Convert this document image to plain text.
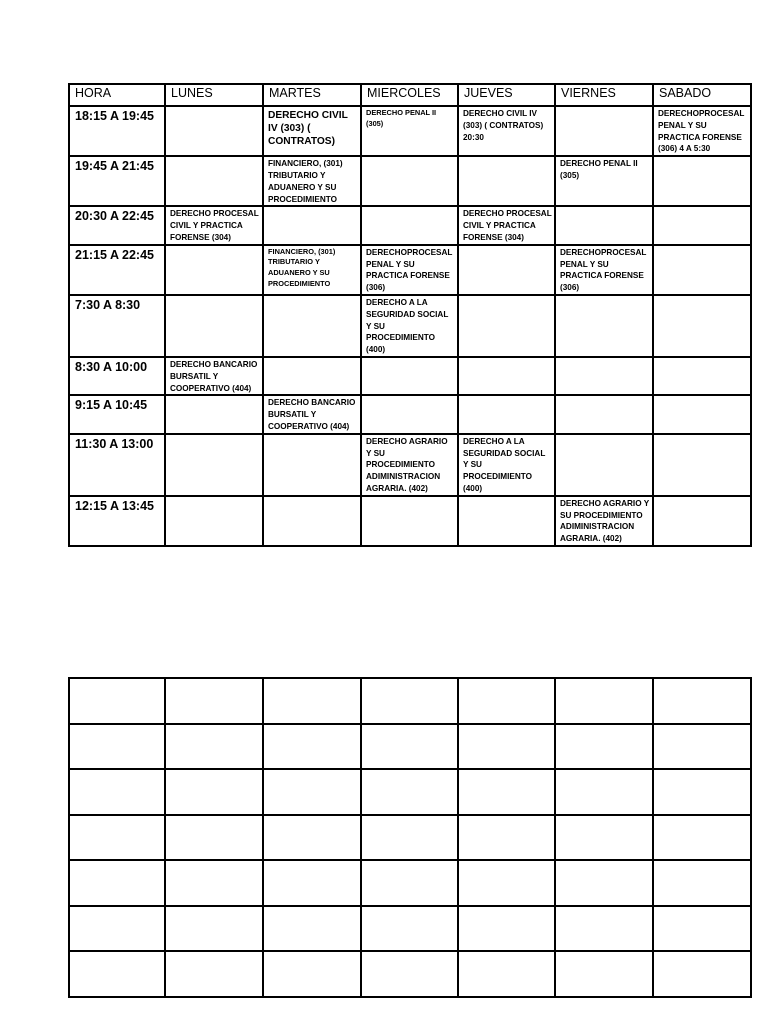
HORA	LUNES	MARTES	MIERCOLES	JUEVES	VIERNES	SABADO
18:15 A 19:45		DERECHO CIVIL IV (303) ( CONTRATOS)	DERECHO PENAL II (305)	DERECHO CIVIL IV (303) ( CONTRATOS) 20:30		DERECHOPROCESAL PENAL Y SU PRACTICA FORENSE (306) 4 A 5:30
19:45 A 21:45		FINANCIERO, (301) TRIBUTARIO Y ADUANERO Y SU PROCEDIMIENTO			DERECHO PENAL II (305)	
20:30 A 22:45	DERECHO PROCESAL CIVIL Y PRACTICA FORENSE (304)			DERECHO PROCESAL CIVIL Y PRACTICA FORENSE (304)		
21:15 A 22:45		FINANCIERO, (301) TRIBUTARIO Y ADUANERO Y SU PROCEDIMIENTO	DERECHOPROCESAL PENAL Y SU PRACTICA FORENSE (306)		DERECHOPROCESAL PENAL Y SU PRACTICA FORENSE (306)	
7:30 A 8:30			DERECHO A LA SEGURIDAD SOCIAL Y SU PROCEDIMIENTO (400)			
8:30 A 10:00	DERECHO BANCARIO BURSATIL Y COOPERATIVO (404)					
9:15 A 10:45		DERECHO BANCARIO BURSATIL Y COOPERATIVO (404)				
11:30 A 13:00			DERECHO AGRARIO Y SU PROCEDIMIENTO ADIMINISTRACION AGRARIA. (402)	DERECHO A LA SEGURIDAD SOCIAL Y SU PROCEDIMIENTO (400)		
12:15 A 13:45					DERECHO AGRARIO Y SU PROCEDIMIENTO ADIMINISTRACION AGRARIA. (402)	
